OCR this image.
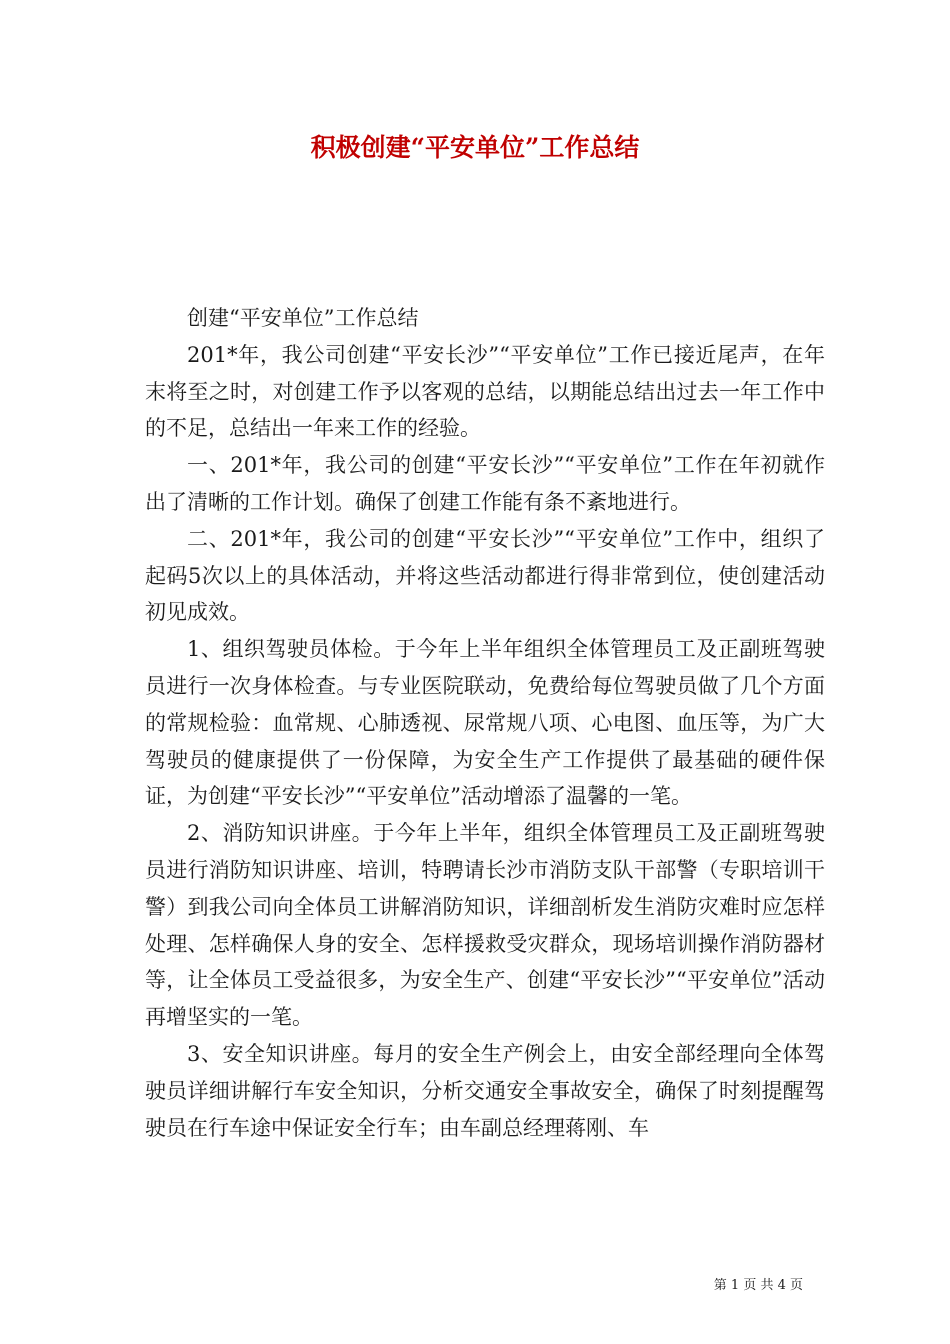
积极创建“平安单位”工作总结

创建“平安单位”工作总结

201*年，我公司创建“平安长沙”“平安单位”工作已接近尾声，在年末将至之时，对创建工作予以客观的总结，以期能总结出过去一年工作中的不足，总结出一年来工作的经验。

一、201*年，我公司的创建“平安长沙”“平安单位”工作在年初就作出了清晰的工作计划。确保了创建工作能有条不紊地进行。

二、201*年，我公司的创建“平安长沙”“平安单位”工作中，组织了起码5次以上的具体活动，并将这些活动都进行得非常到位，使创建活动初见成效。

1、组织驾驶员体检。于今年上半年组织全体管理员工及正副班驾驶员进行一次身体检查。与专业医院联动，免费给每位驾驶员做了几个方面的常规检验：血常规、心肺透视、尿常规八项、心电图、血压等，为广大驾驶员的健康提供了一份保障，为安全生产工作提供了最基础的硬件保证，为创建“平安长沙”“平安单位”活动增添了温馨的一笔。

2、消防知识讲座。于今年上半年，组织全体管理员工及正副班驾驶员进行消防知识讲座、培训，特聘请长沙市消防支队干部警（专职培训干警）到我公司向全体员工讲解消防知识，详细剖析发生消防灾难时应怎样处理、怎样确保人身的安全、怎样援救受灾群众，现场培训操作消防器材等，让全体员工受益很多，为安全生产、创建“平安长沙”“平安单位”活动再增坚实的一笔。

3、安全知识讲座。每月的安全生产例会上，由安全部经理向全体驾驶员详细讲解行车安全知识，分析交通安全事故安全，确保了时刻提醒驾驶员在行车途中保证安全行车；由车副总经理蒋刚、车

第 1 页 共 4 页
